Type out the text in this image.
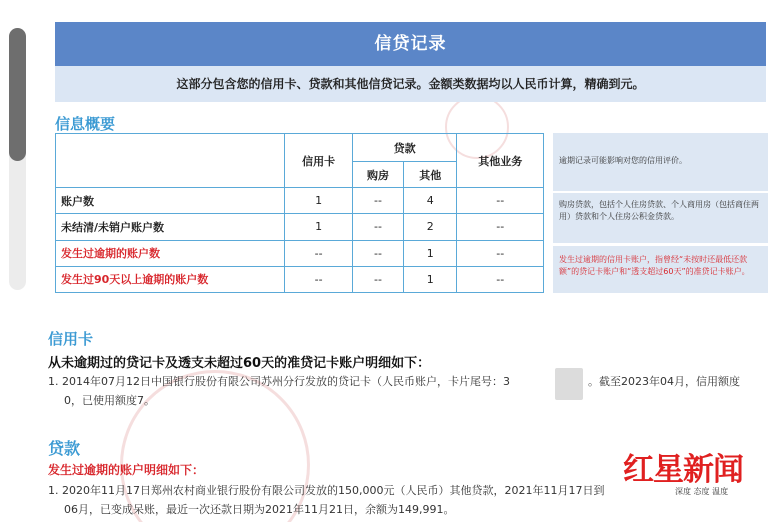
信贷记录
这部分包含您的信用卡、贷款和其他信贷记录。金额类数据均以人民币计算，精确到元。
信息概要
	信用卡	贷款		其他业务
		购房	其他	
账户数	1	--	4	--
未结清/未销户账户数	1	--	2	--
发生过逾期的账户数	--	--	1	--
发生过90天以上逾期的账户数	--	--	1	--
逾期记录可能影响对您的信用评价。
购房贷款，包括个人住房贷款、个人商用房（包括商住两用）贷款和个人住房公积金贷款。
发生过逾期的信用卡账户，指曾经“未按时还最低还款额”的贷记卡账户和“透支超过60天”的准贷记卡账户。
信用卡
从未逾期过的贷记卡及透支未超过60天的准贷记卡账户明细如下：
1. 2014年07月12日中国银行股份有限公司苏州分行发放的贷记卡（人民币账户，卡片尾号：3	。截至2023年04月，信用额度
0，已使用额度7。
贷款
发生过逾期的账户明细如下：
1. 2020年11月17日郑州农村商业银行股份有限公司发放的150,000元（人民币）其他贷款，2021年11月17日到
06月，已变成呆账，最近一次还款日期为2021年11月21日，余额为149,991。
红星新闻
深度 态度 温度
